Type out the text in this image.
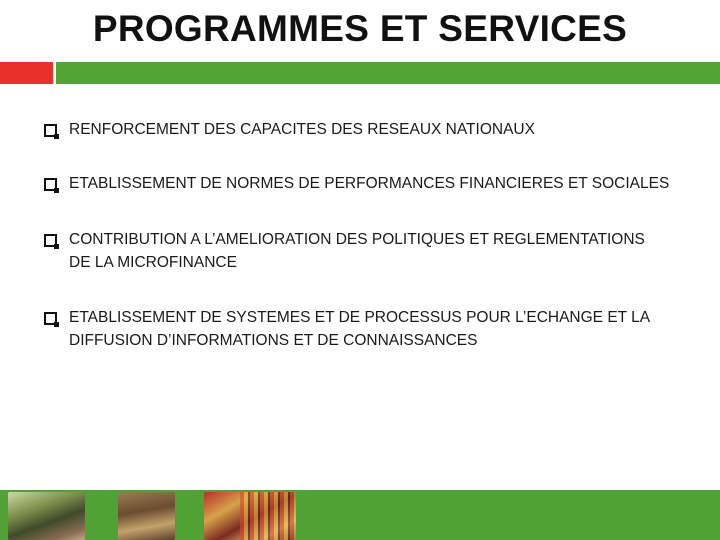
PROGRAMMES ET SERVICES
RENFORCEMENT DES CAPACITES DES RESEAUX NATIONAUX
ETABLISSEMENT DE NORMES DE PERFORMANCES FINANCIERES ET SOCIALES
CONTRIBUTION A L’AMELIORATION DES POLITIQUES ET REGLEMENTATIONS
DE LA MICROFINANCE
ETABLISSEMENT DE SYSTEMES ET DE PROCESSUS POUR L’ECHANGE ET LA
DIFFUSION D’INFORMATIONS ET DE CONNAISSANCES
